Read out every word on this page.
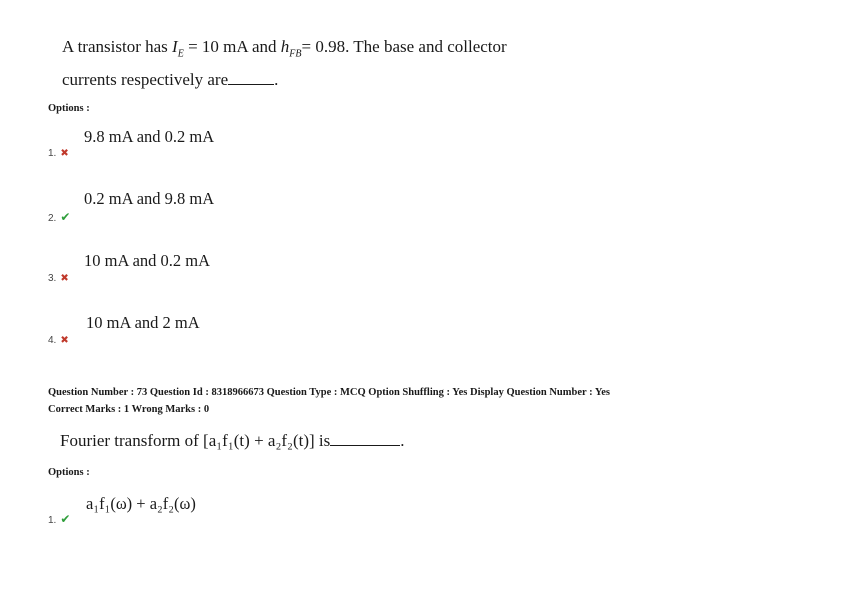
A transistor has $I_E = 10$ mA and $h_{FB}= 0.98$. The base and collector
currents respectively are	.
Options :
9.8 mA and 0.2 mA
1. ✖
0.2 mA and 9.8 mA
2. ✔
10 mA and 0.2 mA
3. ✖
10 mA and 2 mA
4. ✖
Question Number : 73 Question Id : 8318966673 Question Type : MCQ Option Shuffling : Yes Display Question Number : Yes
Correct Marks : 1 Wrong Marks : 0
Fourier transform of [a₁f₁(t) + a₂f₂(t)] is	.
Options :
a₁f₁(ω) + a₂f₂(ω)
1. ✔
